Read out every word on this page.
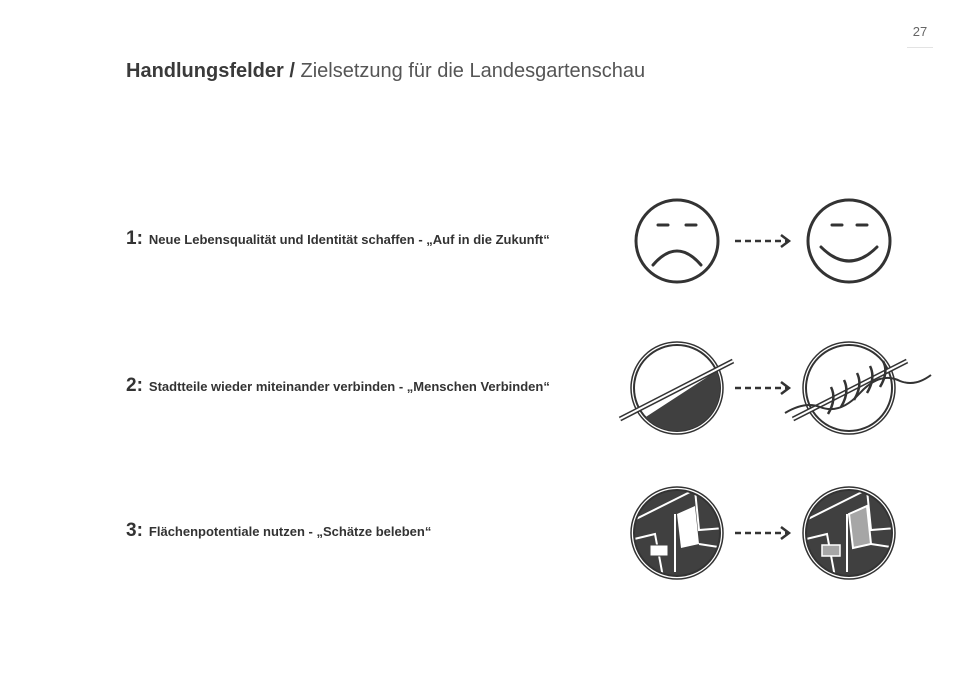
27
Handlungsfelder / Zielsetzung für die Landesgartenschau
1: Neue Lebensqualität und Identität schaffen - „Auf in die Zukunft“
2: Stadtteile wieder miteinander verbinden - „Menschen Verbinden“
3: Flächenpotentiale nutzen - „Schätze beleben“
